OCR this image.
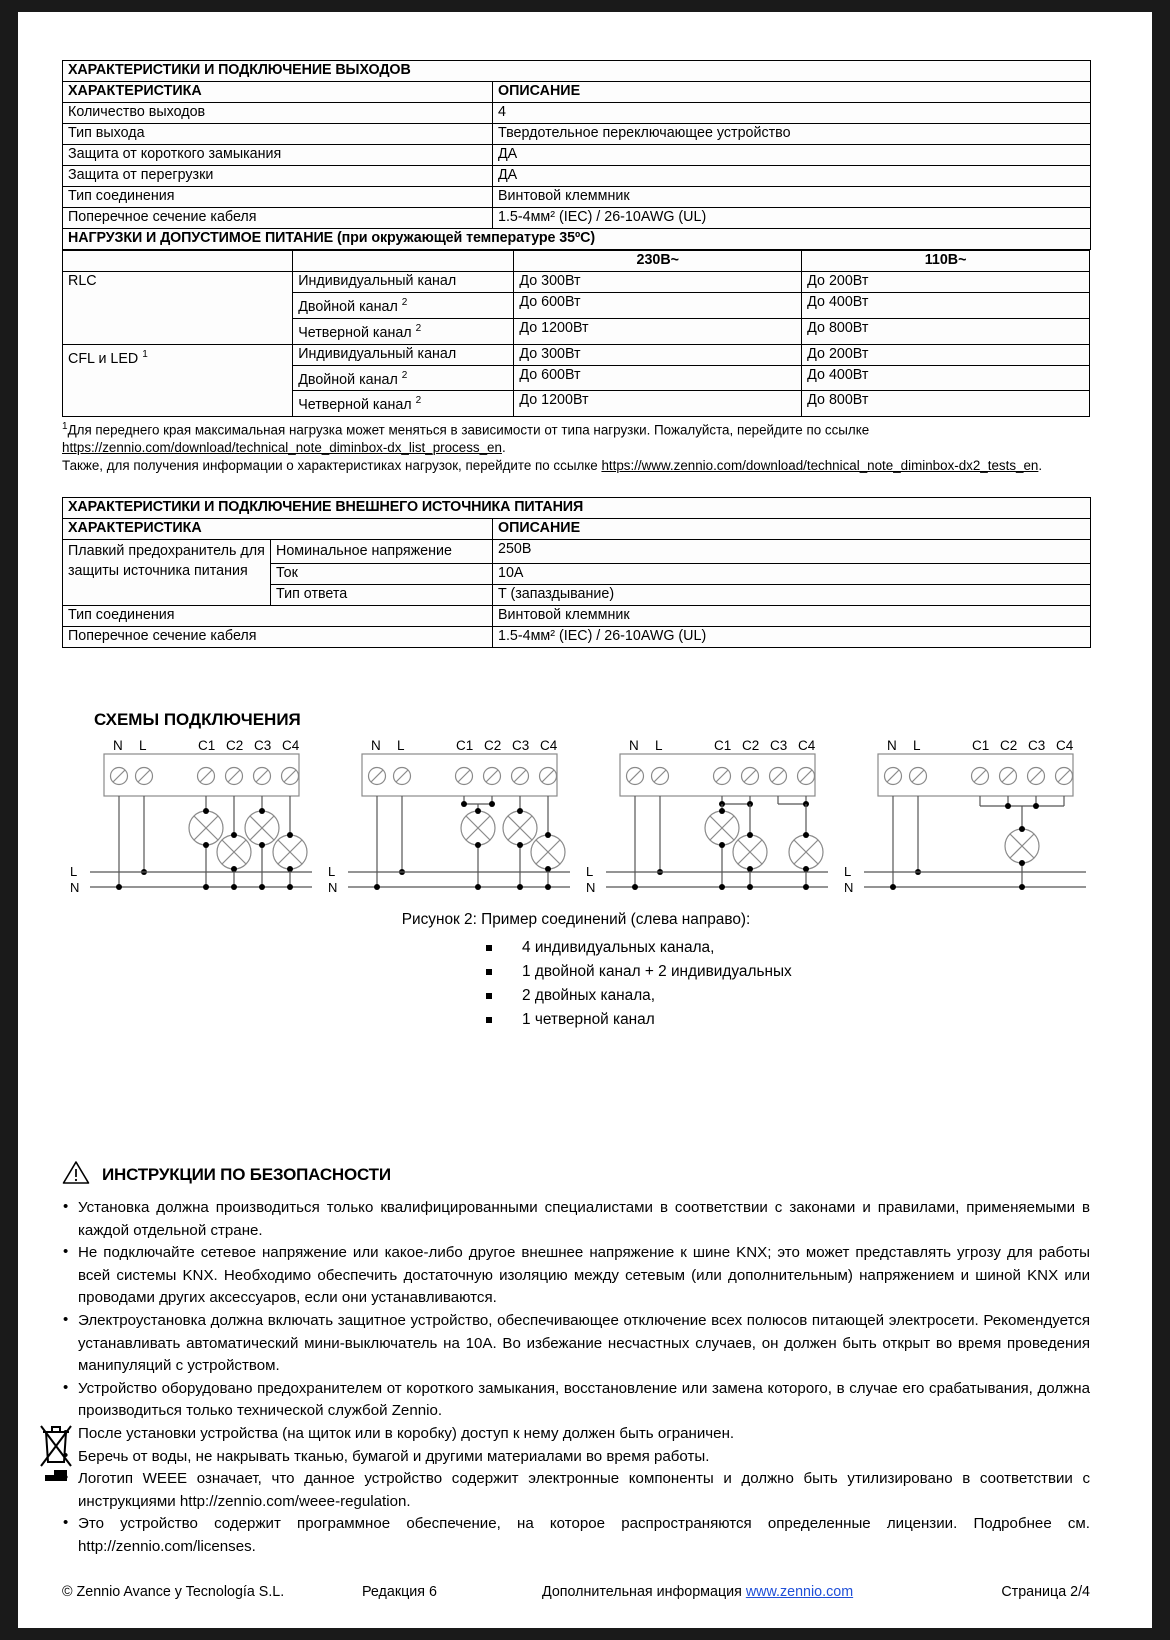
ХАРАКТЕРИСТИКИ И ПОДКЛЮЧЕНИЕ ВЫХОДОВ	
ХАРАКТЕРИСТИКА	ОПИСАНИЕ
Количество выходов	4
Тип выхода	Твердотельное переключающее устройство
Защита от короткого замыкания	ДА
Защита от перегрузки	ДА
Тип соединения	Винтовой клеммник
Поперечное сечение кабеля	1.5-4мм² (IEC) / 26-10AWG (UL)
НАГРУЗКИ И ДОПУСТИМОЕ ПИТАНИЕ (при окружающей температуре 35ºC)	
		230В~	110В~
RLC	Индивидуальный канал	До 300Вт	До 200Вт
	Двойной канал $^2$	До 600Вт	До 400Вт
	Четверной канал $^2$	До 1200Вт	До 800Вт
CFL и LED $^1$	Индивидуальный канал	До 300Вт	До 200Вт
	Двойной канал $^2$	До 600Вт	До 400Вт
	Четверной канал $^2$	До 1200Вт	До 800Вт

$^1$Для переднего края максимальная нагрузка может меняться в зависимости от типа нагрузки. Пожалуйста, перейдите по ссылке

https://zennio.com/download/technical_note_diminbox-dx_list_process_en.

Также, для получения информации о характеристиках нагрузок, перейдите по ссылке https://www.zennio.com/download/technical_note_diminbox-dx2_tests_en.

ХАРАКТЕРИСТИКИ И ПОДКЛЮЧЕНИЕ ВНЕШНЕГО ИСТОЧНИКА ПИТАНИЯ		
ХАРАКТЕРИСТИКА		ОПИСАНИЕ
Плавкий предохранитель для защиты источника питания	Номинальное напряжение	250В
	Ток	10А
	Тип ответа	T (запаздывание)
Тип соединения		Винтовой клеммник
Поперечное сечение кабеля		1.5-4мм² (IEC) / 26-10AWG (UL)
СХЕМЫ ПОДКЛЮЧЕНИЯ
N L	C1 C2 C3 C4
L
N
N L	C1 C2 C3 C4
L
N
N L	C1 C2 C3 C4
L
N
N L	C1 C2 C3 C4
L
N
Рисунок 2: Пример соединений (слева направо):
4 индивидуальных канала,
1 двойной канал + 2 индивидуальных
2 двойных канала,
1 четверной канал
ИНСТРУКЦИИ ПО БЕЗОПАСНОСТИ
• Установка должна производиться только квалифицированными специалистами в соответствии с законами и правилами, применяемыми в каждой отдельной стране.
• Не подключайте сетевое напряжение или какое-либо другое внешнее напряжение к шине KNX; это может представлять угрозу для работы всей системы KNX. Необходимо обеспечить достаточную изоляцию между сетевым (или дополнительным) напряжением и шиной KNX или проводами других аксессуаров, если они устанавливаются.
• Электроустановка должна включать защитное устройство, обеспечивающее отключение всех полюсов питающей электросети. Рекомендуется устанавливать автоматический мини-выключатель на 10А. Во избежание несчастных случаев, он должен быть открыт во время проведения манипуляций с устройством.
• Устройство оборудовано предохранителем от короткого замыкания, восстановление или замена которого, в случае его срабатывания, должна производиться только технической службой Zennio.
• После установки устройства (на щиток или в коробку) доступ к нему должен быть ограничен.
• Беречь от воды, не накрывать тканью, бумагой и другими материалами во время работы.
• Логотип WEEE означает, что данное устройство содержит электронные компоненты и должно быть утилизировано в соответствии с инструкциями http://zennio.com/weee-regulation.
• Это устройство содержит программное обеспечение, на которое распространяются определенные лицензии. Подробнее см. http://zennio.com/licenses.
© Zennio Avance y Tecnología S.L.	Редакция 6	Дополнительная информация www.zennio.com	Страница 2/4
